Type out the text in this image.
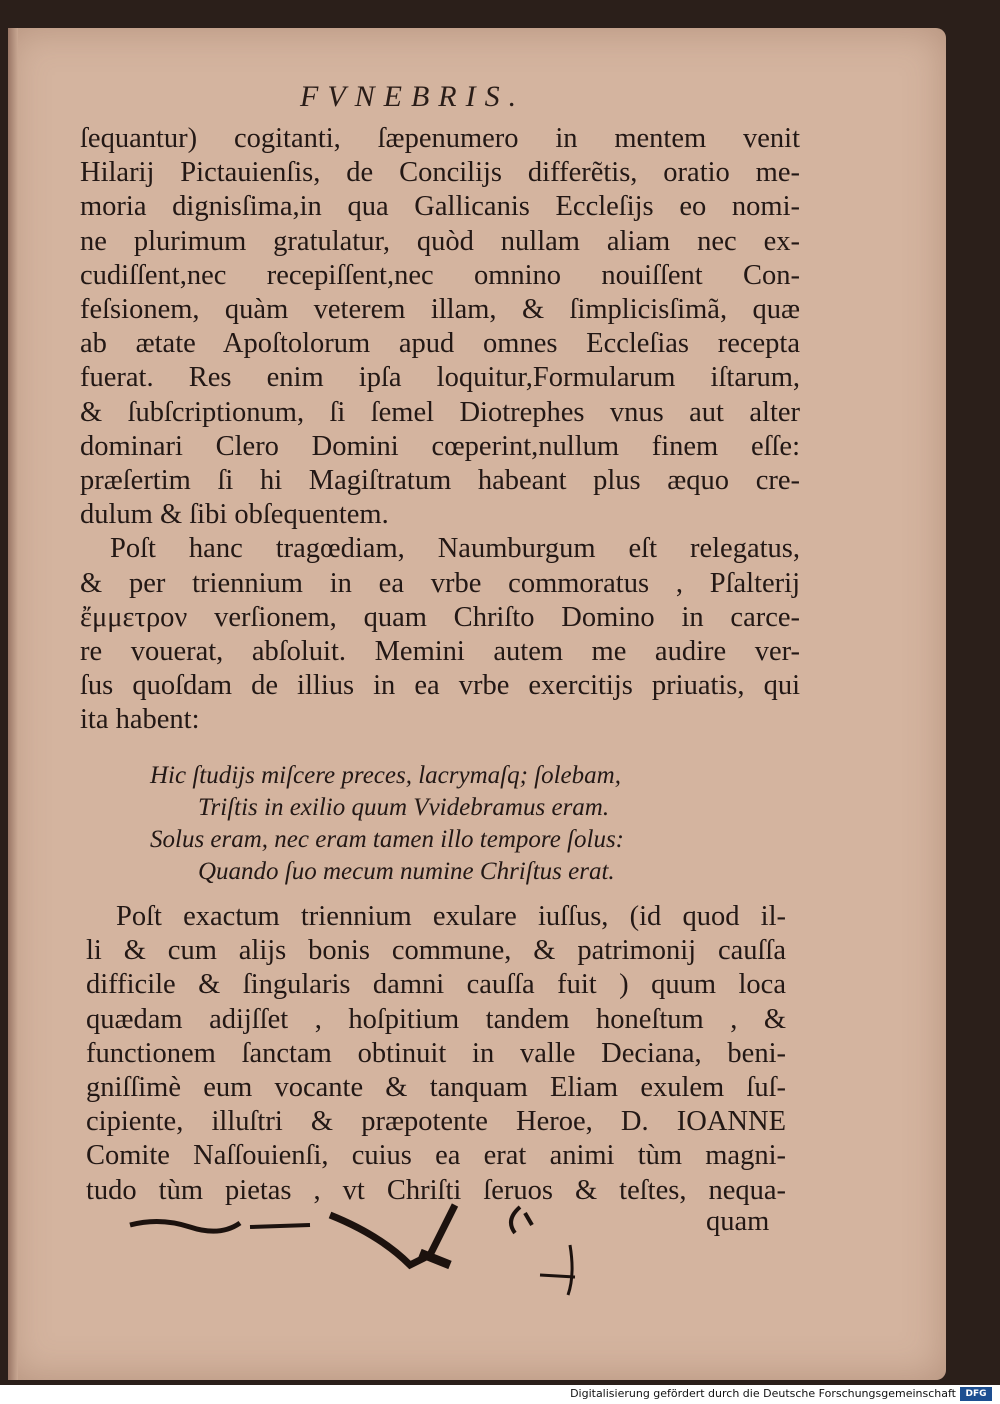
FVNEBRIS.
ſequantur) cogitanti, ſæpenumero in mentem venit
Hilarij Pictauienſis, de Concilijs differẽtis, oratio me-
moria dignisſima,in qua Gallicanis Eccleſijs eo nomi-
ne plurimum gratulatur, quòd nullam aliam nec ex-
cudiſſent,nec recepiſſent,nec omnino nouiſſent Con-
feſsionem, quàm veterem illam, & ſimplicisſimã, quæ
ab ætate Apoſtolorum apud omnes Eccleſias recepta
fuerat. Res enim ipſa loquitur,Formularum iſtarum,
& ſubſcriptionum, ſi ſemel Diotrephes vnus aut alter
dominari Clero Domini cœperint,nullum finem eſſe:
præſertim ſi hi Magiſtratum habeant plus æquo cre-
dulum & ſibi obſequentem.
Poſt hanc tragœdiam, Naumburgum eſt relegatus,
& per triennium in ea vrbe commoratus , Pſalterij
ἔμμετρον verſionem, quam Chriſto Domino in carce-
re vouerat, abſoluit. Memini autem me audire ver-
ſus quoſdam de illius in ea vrbe exercitijs priuatis, qui
ita habent:
Hic ſtudijs miſcere preces, lacrymaſq; ſolebam,
Triſtis in exilio quum Vvidebramus eram.
Solus eram, nec eram tamen illo tempore ſolus:
Quando ſuo mecum numine Chriſtus erat.
Poſt exactum triennium exulare iuſſus, (id quod il-
li & cum alijs bonis commune, & patrimonij cauſſa
difficile & ſingularis damni cauſſa fuit ) quum loca
quædam adijſſet , hoſpitium tandem honeſtum , &
functionem ſanctam obtinuit in valle Deciana, beni-
gniſſimè eum vocante & tanquam Eliam exulem ſuſ-
cipiente, illuſtri & præpotente Heroe, D. IOANNE
Comite Naſſouienſi, cuius ea erat animi tùm magni-
tudo tùm pietas , vt Chriſti ſeruos & teſtes, nequa-
quam
Digitalisierung gefördert durch die Deutsche Forschungsgemeinschaft	DFG
